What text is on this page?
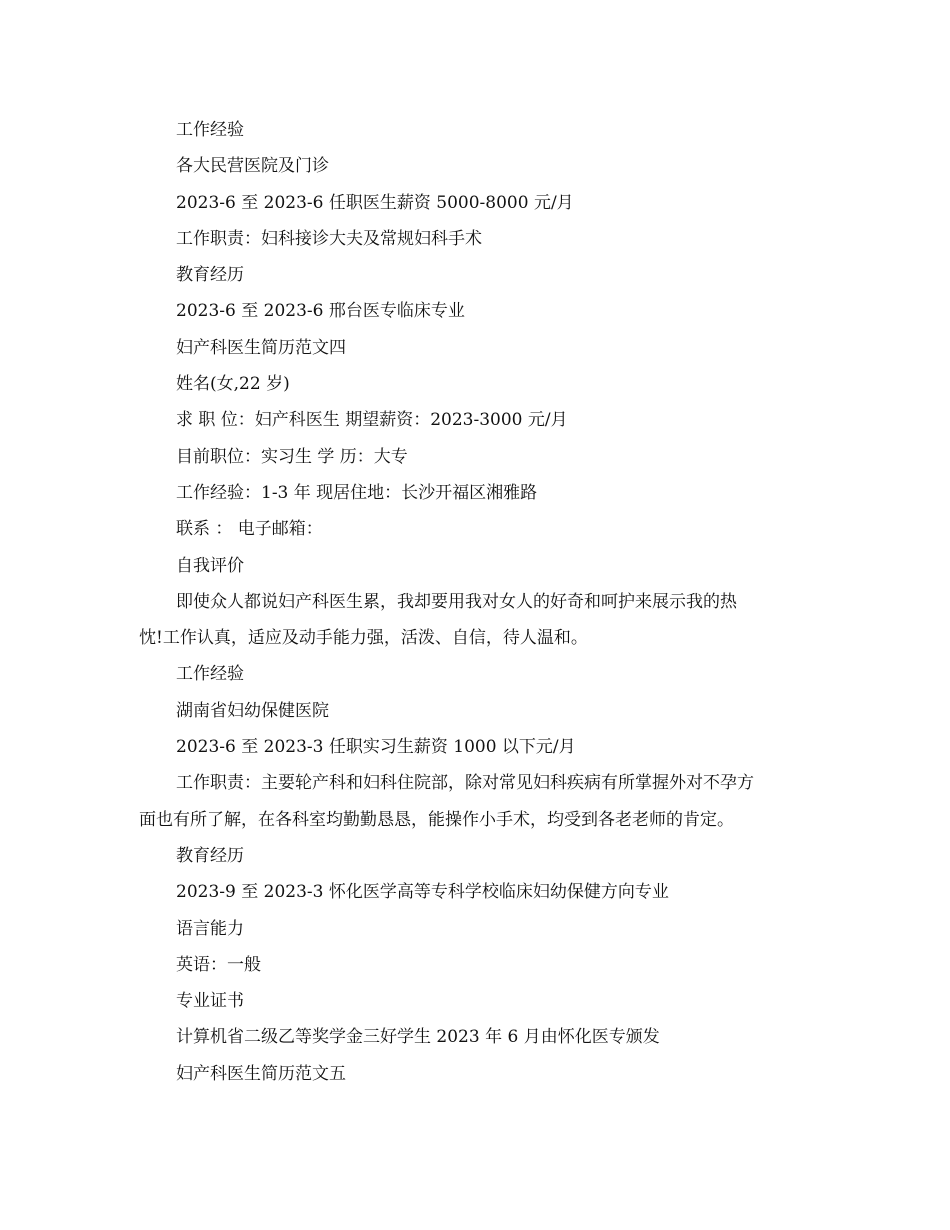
工作经验
各大民营医院及门诊
2023-6 至 2023-6 任职医生薪资 5000-8000 元/月
工作职责：妇科接诊大夫及常规妇科手术
教育经历
2023-6 至 2023-6 邢台医专临床专业
妇产科医生简历范文四
姓名(女,22 岁)
求 职 位：妇产科医生 期望薪资：2023-3000 元/月
目前职位：实习生 学 历：大专
工作经验：1-3 年 现居住地：长沙开福区湘雅路
联系 ： 电子邮箱：
自我评价
即使众人都说妇产科医生累，我却要用我对女人的好奇和呵护来展示我的热
忱!工作认真，适应及动手能力强，活泼、自信，待人温和。
工作经验
湖南省妇幼保健医院
2023-6 至 2023-3 任职实习生薪资 1000 以下元/月
工作职责：主要轮产科和妇科住院部，除对常见妇科疾病有所掌握外对不孕方
面也有所了解，在各科室均勤勤恳恳，能操作小手术，均受到各老老师的肯定。
教育经历
2023-9 至 2023-3 怀化医学高等专科学校临床妇幼保健方向专业
语言能力
英语：一般
专业证书
计算机省二级乙等奖学金三好学生 2023 年 6 月由怀化医专颁发
妇产科医生简历范文五
